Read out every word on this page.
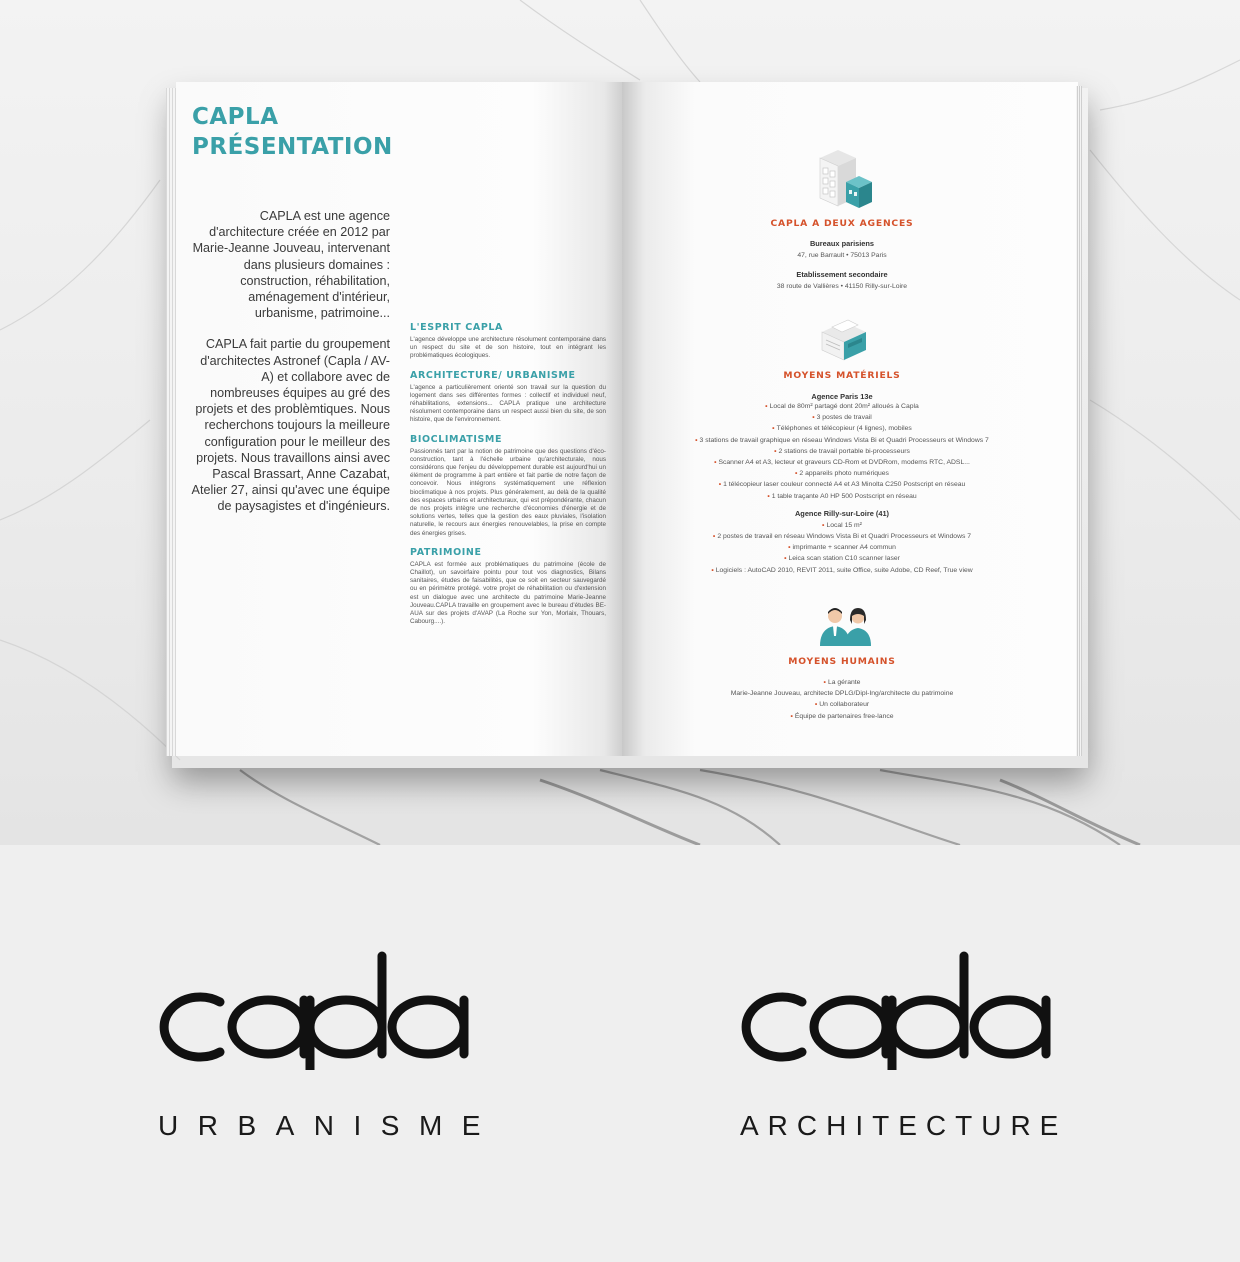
CAPLA
PRÉSENTATION

CAPLA est une agence d'architecture créée en 2012 par Marie-Jeanne Jouveau, intervenant dans plusieurs domaines : construction, réhabilitation, aménagement d'intérieur, urbanisme, patrimoine...

CAPLA fait partie du groupement d'architectes Astronef (Capla / AV-A) et collabore avec de nombreuses équipes au gré des projets et des problèmtiques. Nous recherchons toujours la meilleure configuration pour le meilleur des projets. Nous travaillons ainsi avec Pascal Brassart, Anne Cazabat, Atelier 27, ainsi qu'avec une équipe de paysagistes et d'ingénieurs.

L'ESPRIT CAPLA
L'agence développe une architecture résolument contemporaine dans un respect du site et de son histoire, tout en intégrant les problématiques écologiques.
ARCHITECTURE/ URBANISME
L'agence a particulièrement orienté son travail sur la question du logement dans ses différentes formes : collectif et individuel neuf, réhabilitations, extensions... CAPLA pratique une architecture résolument contemporaine dans un respect aussi bien du site, de son histoire, que de l'environnement.
BIOCLIMATISME
Passionnés tant par la notion de patrimoine que des questions d'éco-construction, tant à l'échelle urbaine qu'architecturale, nous considérons que l'enjeu du développement durable est aujourd'hui un élément de programme à part entière et fait partie de notre façon de concevoir. Nous intégrons systématiquement une réflexion bioclimatique à nos projets. Plus généralement, au delà de la qualité des espaces urbains et architecturaux, qui est prépondérante, chacun de nos projets intègre une recherche d'économies d'énergie et de solutions vertes, telles que la gestion des eaux pluviales, l'isolation naturelle, le recours aux énergies renouvelables, la prise en compte des énergies grises.
PATRIMOINE
CAPLA est formée aux problématiques du patrimoine (école de Chaillot), un savoirfaire pointu pour tout vos diagnostics, Bilans sanitaires, études de faisabilités, que ce soit en secteur sauvegardé ou en périmètre protégé. votre projet de réhabilitation ou d'extension est un dialogue avec une architecte du patrimoine Marie-Jeanne Jouveau.CAPLA travaille en groupement avec le bureau d'études BE-AUA sur des projets d'AVAP (La Roche sur Yon, Morlaix, Thouars, Cabourg....).
CAPLA A DEUX AGENCES
Bureaux parisiens
47, rue Barrault • 75013 Paris
Etablissement secondaire
38 route de Vallières • 41150 Rilly-sur-Loire
MOYENS MATÉRIELS
Agence Paris 13e
• Local de 80m² partagé dont 20m² alloués à Capla
• 3 postes de travail
• Téléphones et télécopieur (4 lignes), mobiles
• 3 stations de travail graphique en réseau Windows Vista Bi et Quadri Processeurs et Windows 7
• 2 stations de travail portable bi-processeurs
• Scanner A4 et A3, lecteur et graveurs CD-Rom et DVDRom, modems RTC, ADSL...
• 2 appareils photo numériques
• 1 télécopieur laser couleur connecté A4 et A3 Minolta C250 Postscript en réseau
• 1 table traçante A0 HP 500 Postscript en réseau
Agence Rilly-sur-Loire (41)
• Local 15 m²
• 2 postes de travail en réseau Windows Vista Bi et Quadri Processeurs et Windows 7
• imprimante + scanner A4 commun
• Leica scan station C10 scanner laser
• Logiciels : AutoCAD 2010, REVIT 2011, suite Office, suite Adobe, CD Reef, True view
MOYENS HUMAINS
• La gérante
Marie-Jeanne Jouveau, architecte DPLG/Dipl-Ing/architecte du patrimoine
• Un collaborateur
• Équipe de partenaires free-lance
URBANISME	ARCHITECTURE
